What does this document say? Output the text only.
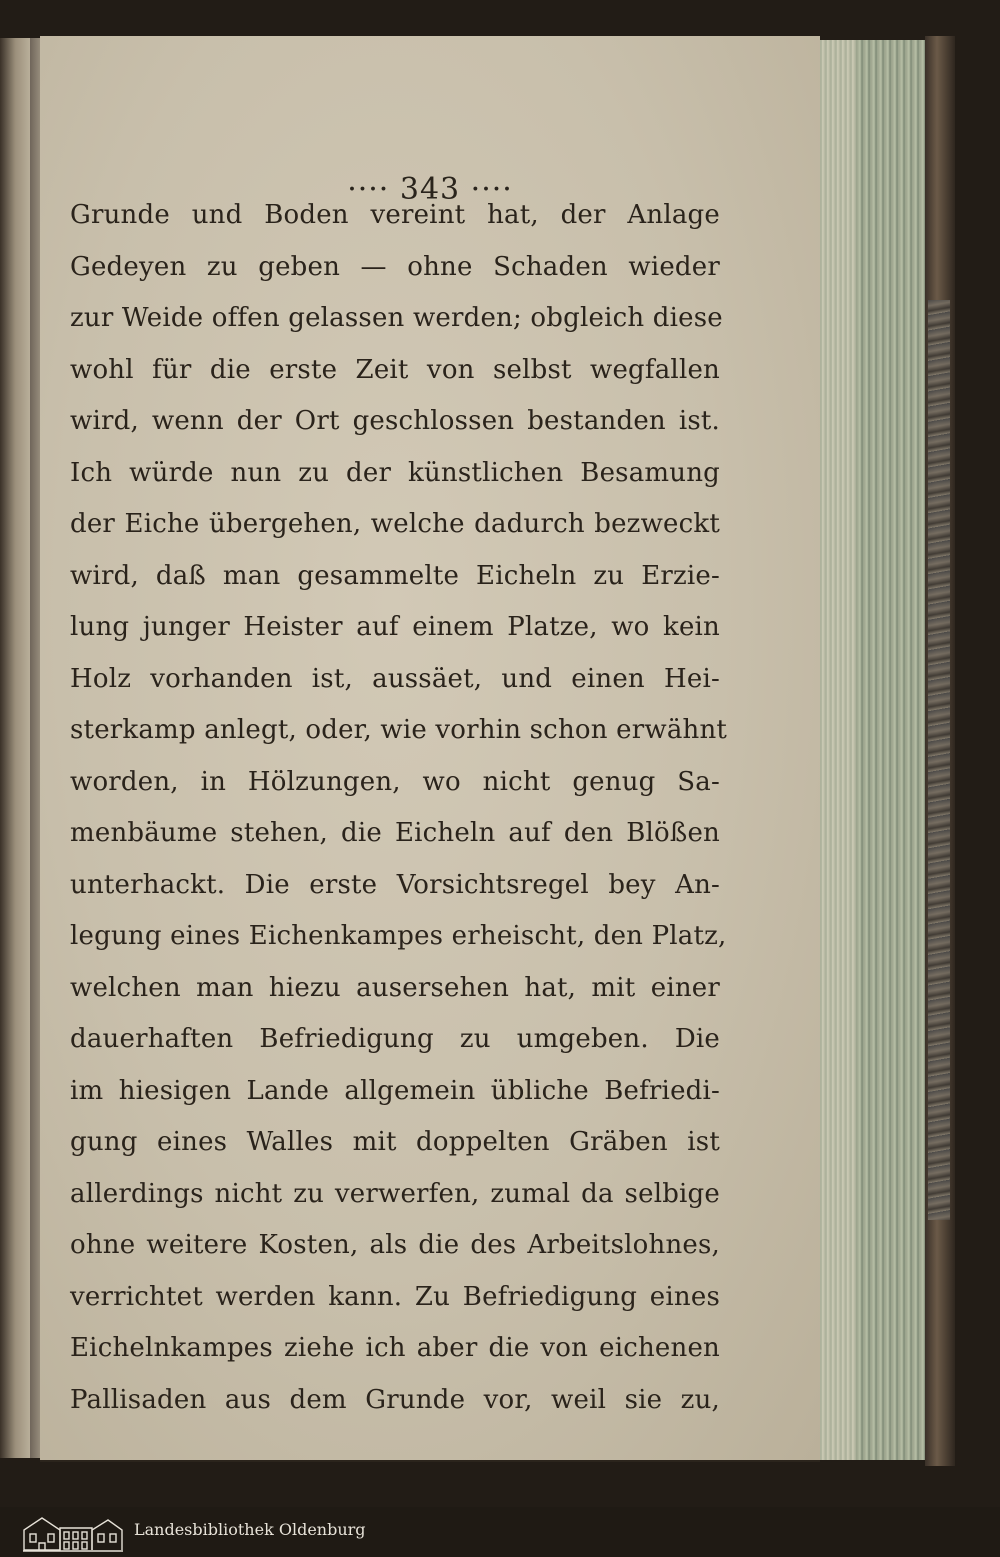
···· 343 ····
Grunde und Boden vereint hat, der Anlage
Gedeyen zu geben — ohne Schaden wieder
zur Weide offen gelassen werden; obgleich diese
wohl für die erste Zeit von selbst wegfallen
wird, wenn der Ort geschlossen bestanden ist.
Ich würde nun zu der künstlichen Besamung
der Eiche übergehen, welche dadurch bezweckt
wird, daß man gesammelte Eicheln zu Erzie-
lung junger Heister auf einem Platze, wo kein
Holz vorhanden ist, aussäet, und einen Hei-
sterkamp anlegt, oder, wie vorhin schon erwähnt
worden, in Hölzungen, wo nicht genug Sa-
menbäume stehen, die Eicheln auf den Blößen
unterhackt. Die erste Vorsichtsregel bey An-
legung eines Eichenkampes erheischt, den Platz,
welchen man hiezu ausersehen hat, mit einer
dauerhaften Befriedigung zu umgeben. Die
im hiesigen Lande allgemein übliche Befriedi-
gung eines Walles mit doppelten Gräben ist
allerdings nicht zu verwerfen, zumal da selbige
ohne weitere Kosten, als die des Arbeitslohnes,
verrichtet werden kann. Zu Befriedigung eines
Eichelnkampes ziehe ich aber die von eichenen
Pallisaden aus dem Grunde vor, weil sie zu,
Landesbibliothek Oldenburg
